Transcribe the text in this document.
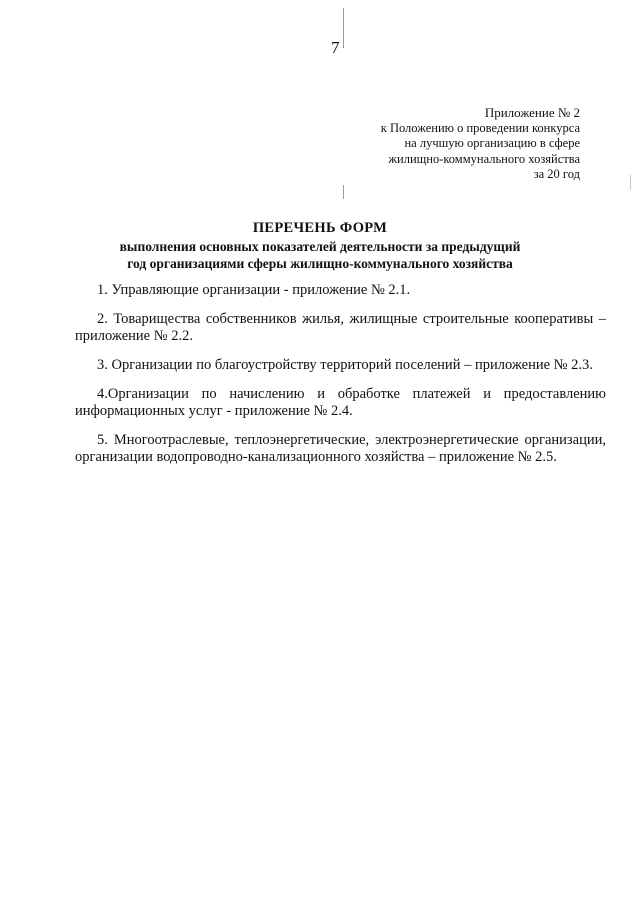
7
Приложение № 2
к Положению о проведении конкурса
на лучшую организацию в сфере
жилищно-коммунального хозяйства
за 20 год
ПЕРЕЧЕНЬ ФОРМ
выполнения основных показателей деятельности за предыдущий
год организациями сферы жилищно-коммунального хозяйства

1. Управляющие организации - приложение № 2.1.

2. Товарищества собственников жилья, жилищные строительные кооперативы – приложение № 2.2.

3. Организации по благоустройству территорий поселений – приложение № 2.3.

4.Организации по начислению и обработке платежей и предоставлению информационных услуг - приложение № 2.4.

5. Многоотраслевые, теплоэнергетические, электроэнергетические организации, организации водопроводно-канализационного хозяйства – приложение № 2.5.
